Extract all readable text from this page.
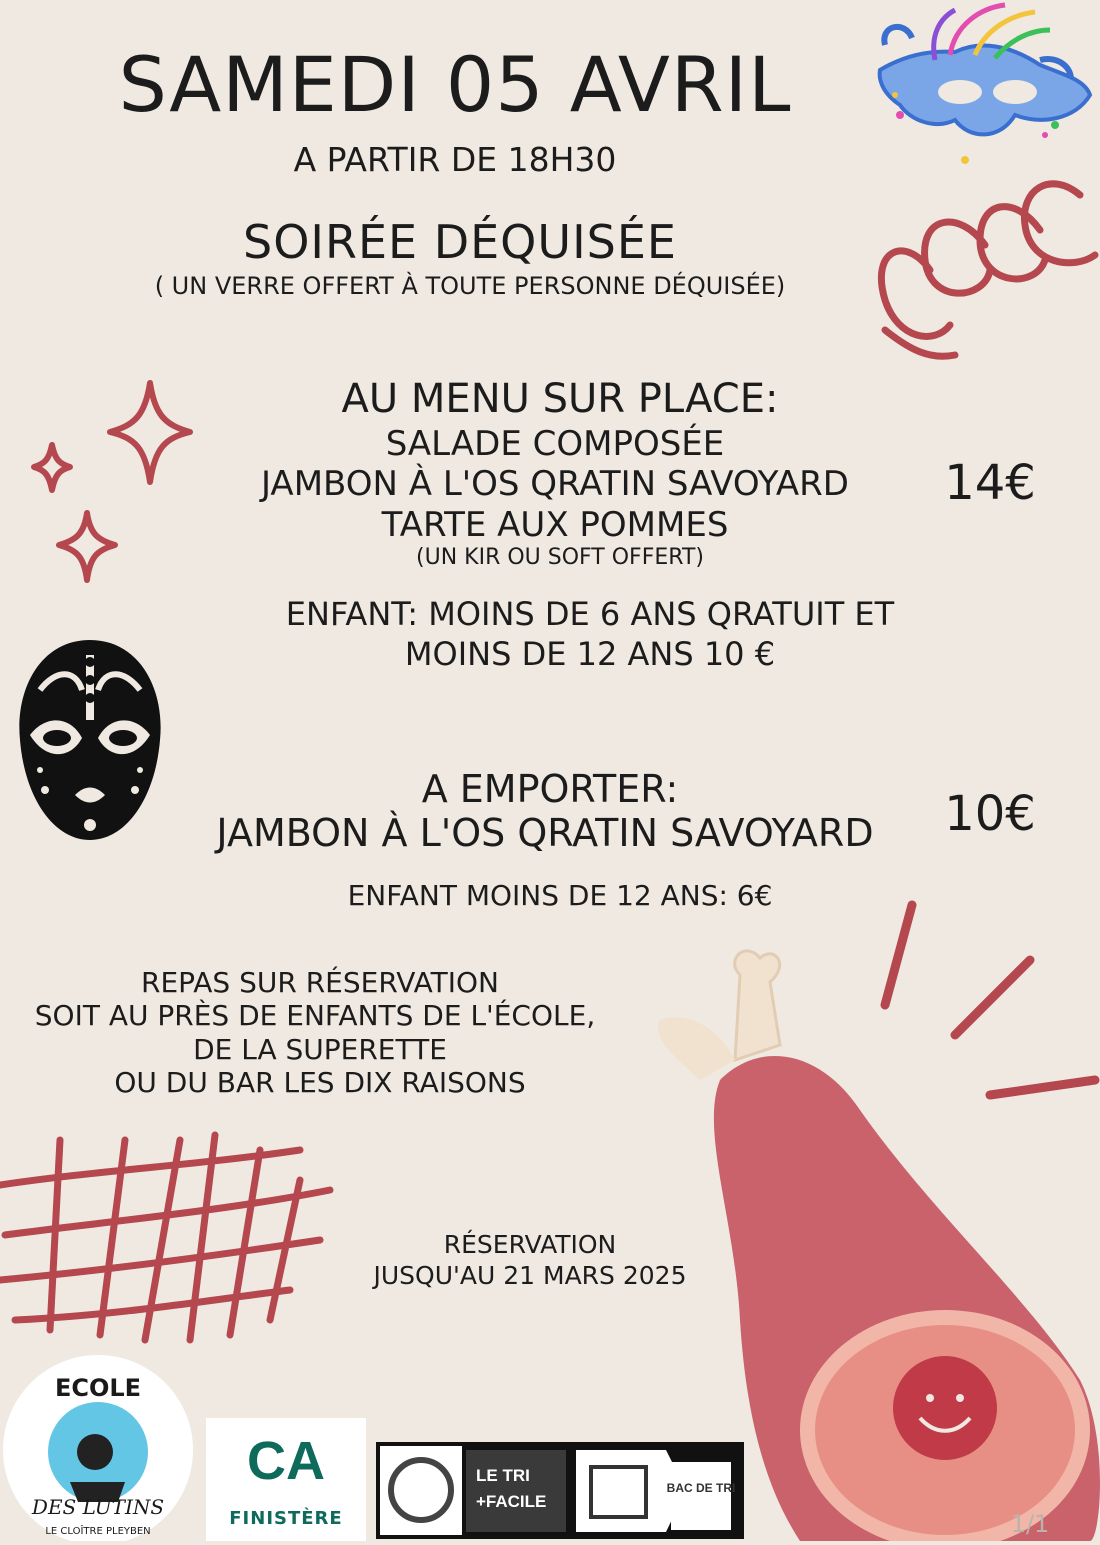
SAMEDI 05 AVRIL
A PARTIR DE 18H30
SOIRÉE DÉQUISÉE
( UN VERRE OFFERT À TOUTE PERSONNE DÉQUISÉE)
AU MENU SUR PLACE:
SALADE COMPOSÉE
JAMBON À L'OS QRATIN SAVOYARD
TARTE AUX POMMES
(UN KIR OU SOFT OFFERT)
14€
ENFANT: MOINS DE 6 ANS QRATUIT ET
MOINS DE 12 ANS 10 €
A EMPORTER:
JAMBON À L'OS QRATIN SAVOYARD	10€
ENFANT MOINS DE 12 ANS: 6€
REPAS SUR RÉSERVATION
SOIT AU PRÈS DE ENFANTS DE L'ÉCOLE,
DE LA SUPERETTE
OU DU BAR LES DIX RAISONS
RÉSERVATION
JUSQU'AU 21 MARS 2025
ECOLE
DES LUTINS
LE CLOÎTRE PLEYBEN
CA
FINISTÈRE
BAC DE TRI
LE TRI
+FACILE
1/1
